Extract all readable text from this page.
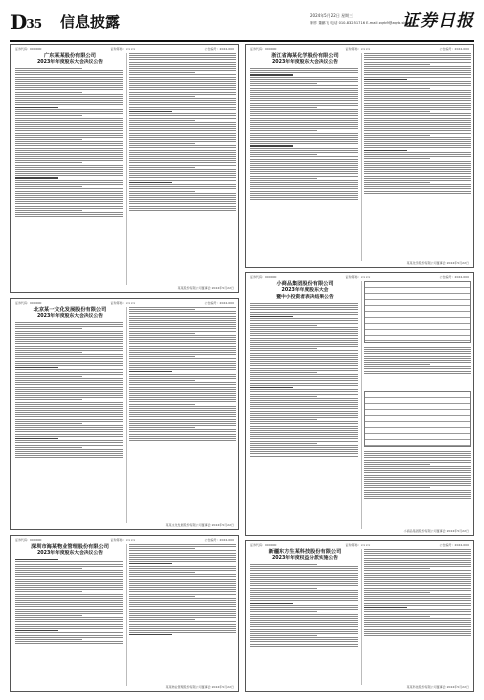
D35 信息披露	2024年5月22日 星期三
制作 董鹏飞 电话 010-83251716 E-mail zqrb9@zqrb.sina.net
证券日报
证券代码：000000	证券简称：××××	公告编号：2024-000
广东某某股份有限公司
2023年年度股东大会决议公告
某某股份有限公司董事会 2024年5月22日
证券代码：000000	证券简称：××××	公告编号：2024-000
浙江省海某化学股份有限公司
2023年年度股东大会决议公告
某某化学股份有限公司董事会 2024年5月22日
证券代码：000000	证券简称：××××	公告编号：2024-000
北京某一文化发展股份有限公司
2023年年度股东大会决议公告
某某文化发展股份有限公司董事会 2024年5月22日
证券代码：000000	证券简称：××××	公告编号：2024-000
小商品集团股份有限公司
2023年年度股东大会
暨中小投资者表决结果公告
小商品集团股份有限公司董事会 2024年5月22日
证券代码：000000	证券简称：××××	公告编号：2024-000
深圳市海某物业管理股份有限公司
2023年年度股东大会决议公告
某某物业管理股份有限公司董事会 2024年5月22日
证券代码：000000	证券简称：××××	公告编号：2024-000
新疆东方生某科技股份有限公司
2023年年度权益分派实施公告
某某科技股份有限公司董事会 2024年5月22日
